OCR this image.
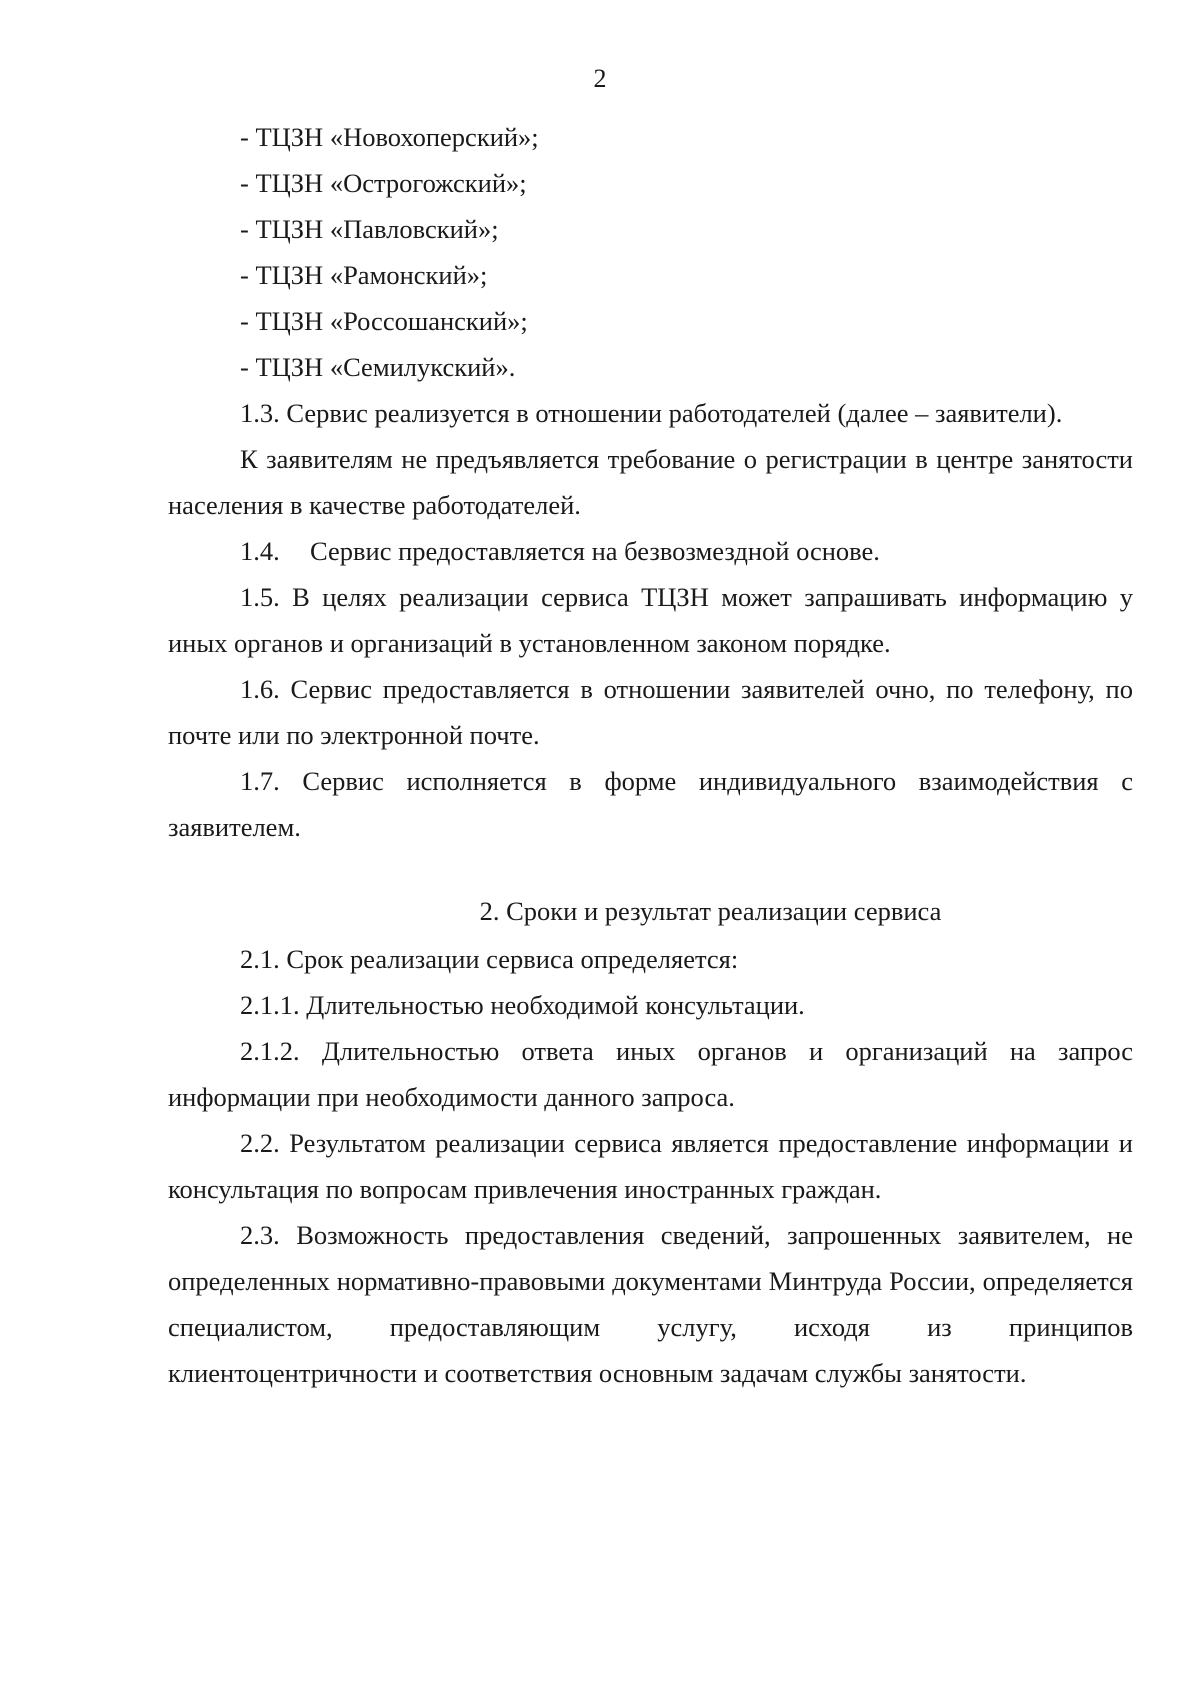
2
- ТЦЗН «Новохоперский»;
- ТЦЗН «Острогожский»;
- ТЦЗН «Павловский»;
- ТЦЗН «Рамонский»;
- ТЦЗН «Россошанский»;
- ТЦЗН «Семилукский».
1.3. Сервис реализуется в отношении работодателей (далее – заявители).

К заявителям не предъявляется требование о регистрации в центре занятости населения в качестве работодателей.

1.4.	Сервис предоставляется на безвозмездной основе.

1.5. В целях реализации сервиса ТЦЗН может запрашивать информацию у иных органов и организаций в установленном законом порядке.

1.6. Сервис предоставляется в отношении заявителей очно, по телефону, по почте или по электронной почте.

1.7. Сервис исполняется в форме индивидуального взаимодействия с заявителем.

2. Сроки и результат реализации сервиса
2.1. Срок реализации сервиса определяется:
2.1.1. Длительностью необходимой консультации.

2.1.2. Длительностью ответа иных органов и организаций на запрос информации при необходимости данного запроса.

2.2. Результатом реализации сервиса является предоставление информации и консультация по вопросам привлечения иностранных граждан.

2.3. Возможность предоставления сведений, запрошенных заявителем, не определенных нормативно-правовыми документами Минтруда России, определяется специалистом, предоставляющим услугу, исходя из принципов клиентоцентричности и соответствия основным задачам службы занятости.
